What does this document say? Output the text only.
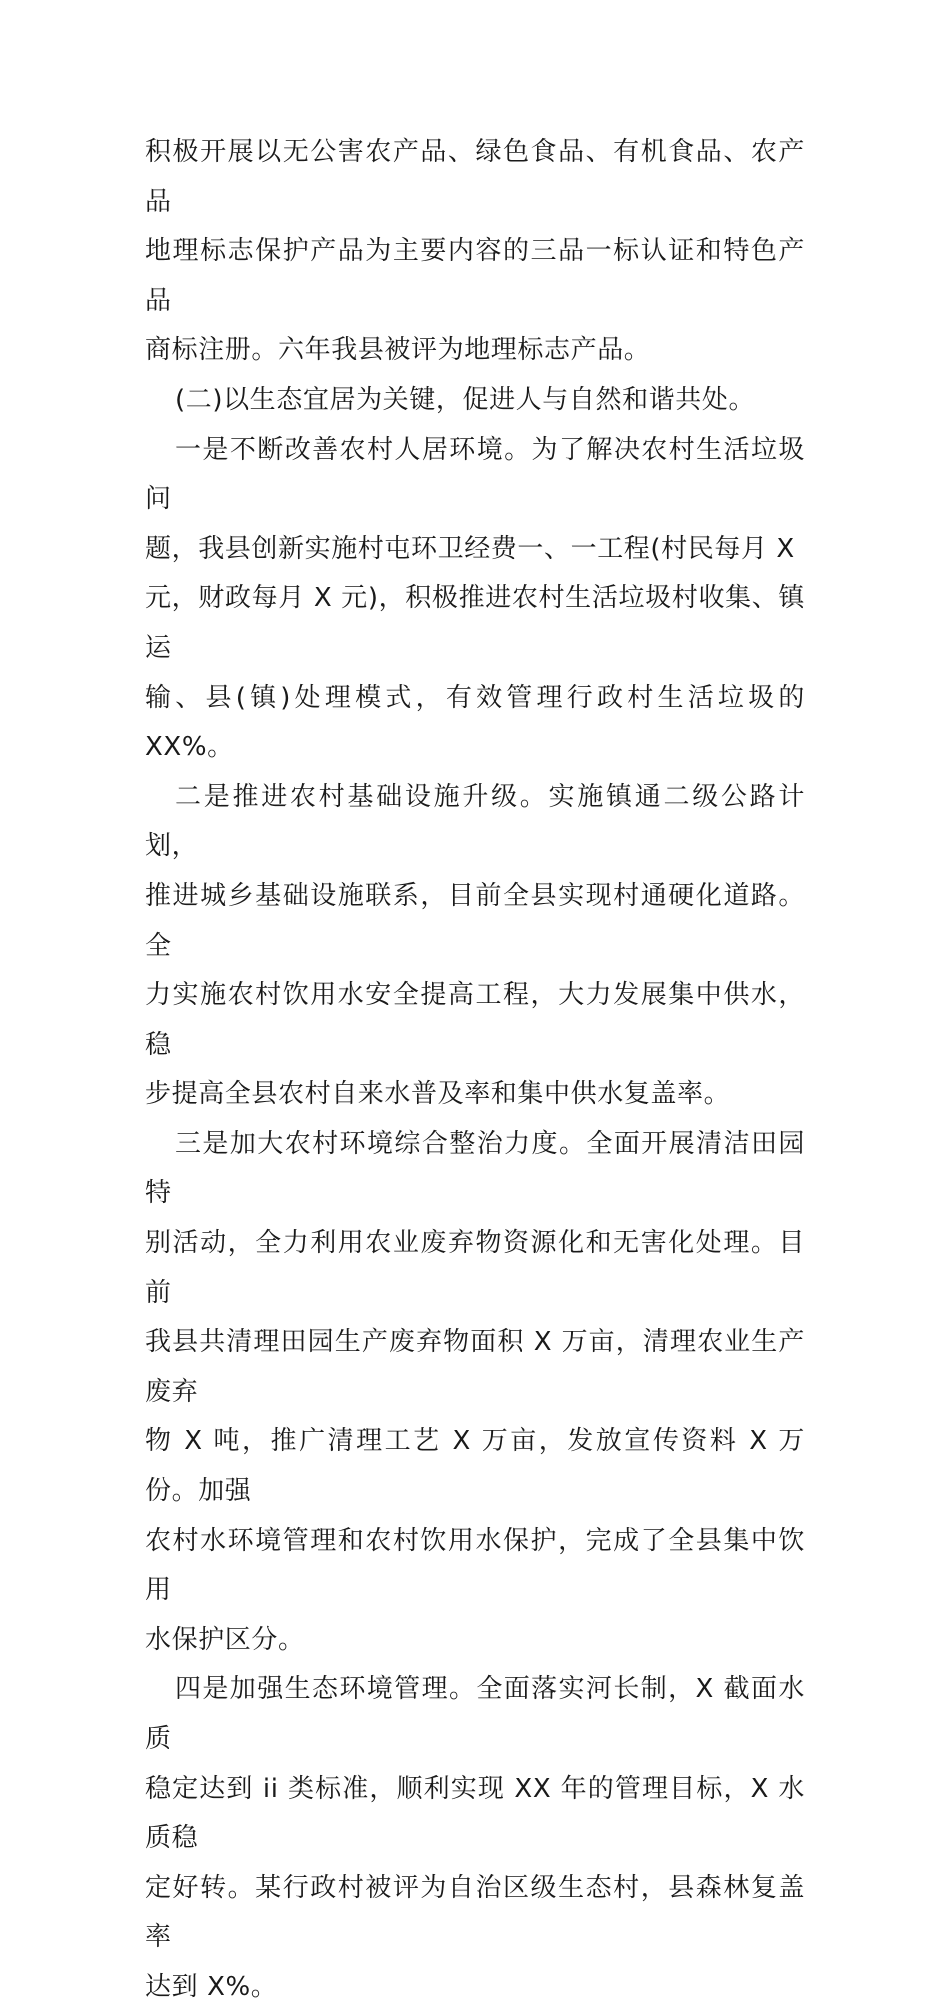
积极开展以无公害农产品、绿色食品、有机食品、农产品
地理标志保护产品为主要内容的三品一标认证和特色产品
商标注册。六年我县被评为地理标志产品。

(二)以生态宜居为关键，促进人与自然和谐共处。

一是不断改善农村人居环境。为了解决农村生活垃圾问
题，我县创新实施村屯环卫经费一、一工程(村民每月 X
元，财政每月 X 元)，积极推进农村生活垃圾村收集、镇运
输、县(镇)处理模式，有效管理行政村生活垃圾的 XX%。

二是推进农村基础设施升级。实施镇通二级公路计划，
推进城乡基础设施联系，目前全县实现村通硬化道路。全
力实施农村饮用水安全提高工程，大力发展集中供水，稳
步提高全县农村自来水普及率和集中供水复盖率。

三是加大农村环境综合整治力度。全面开展清洁田园特
别活动，全力利用农业废弃物资源化和无害化处理。目前
我县共清理田园生产废弃物面积 X 万亩，清理农业生产废弃
物 X 吨，推广清理工艺 X 万亩，发放宣传资料 X 万份。加强
农村水环境管理和农村饮用水保护，完成了全县集中饮用
水保护区分。

四是加强生态环境管理。全面落实河长制，X 截面水质
稳定达到 ii 类标准，顺利实现 XX 年的管理目标，X 水质稳
定好转。某行政村被评为自治区级生态村，县森林复盖率
达到 X%。
